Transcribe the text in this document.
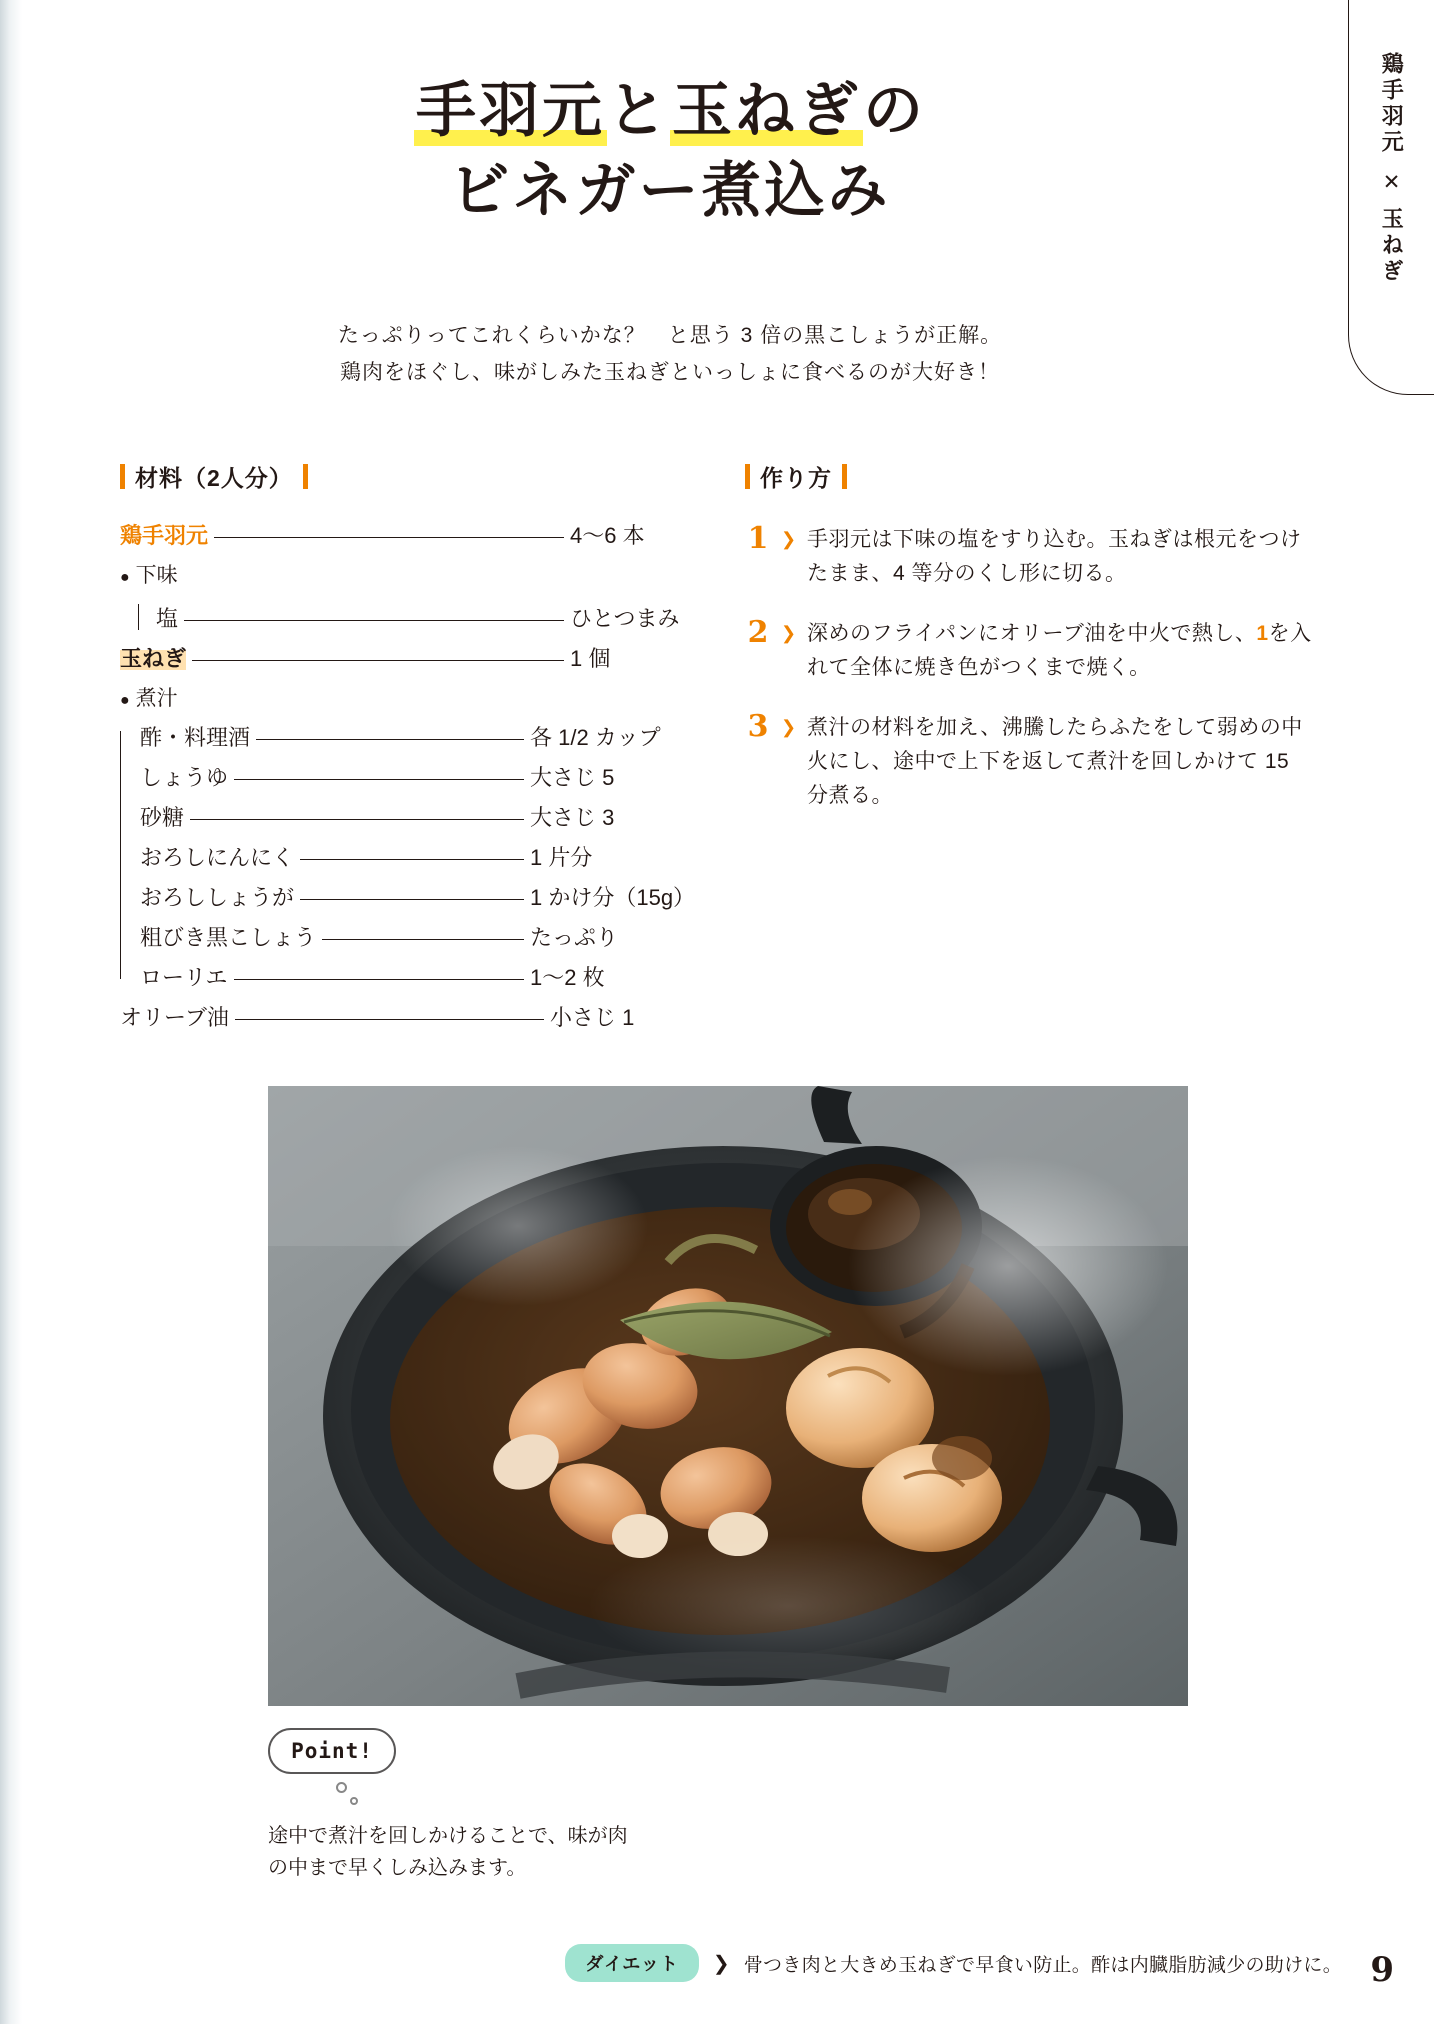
鶏手羽元
✕
玉ねぎ
手羽元と玉ねぎの
ビネガー煮込み
たっぷりってこれくらいかな？　と思う 3 倍の黒こしょうが正解。
鶏肉をほぐし、味がしみた玉ねぎといっしょに食べるのが大好き！
材料（2人分）
鶏手羽元	4〜6 本
● 下味
塩	ひとつまみ
玉ねぎ	1 個
● 煮汁
酢・料理酒	各 1/2 カップ
しょうゆ	大さじ 5
砂糖	大さじ 3
おろしにんにく	1 片分
おろししょうが	1 かけ分（15g）
粗びき黒こしょう	たっぷり
ローリエ	1〜2 枚
オリーブ油	小さじ 1
作り方
1 ❯ 手羽元は下味の塩をすり込む。玉ねぎは根元をつけたまま、4 等分のくし形に切る。
2 ❯ 深めのフライパンにオリーブ油を中火で熱し、1を入れて全体に焼き色がつくまで焼く。
3 ❯ 煮汁の材料を加え、沸騰したらふたをして弱めの中火にし、途中で上下を返して煮汁を回しかけて 15 分煮る。
Point!
途中で煮汁を回しかけることで、味が肉
の中まで早くしみ込みます。
ダイエット	❯ 骨つき肉と大きめ玉ねぎで早食い防止。酢は内臓脂肪減少の助けに。 9
